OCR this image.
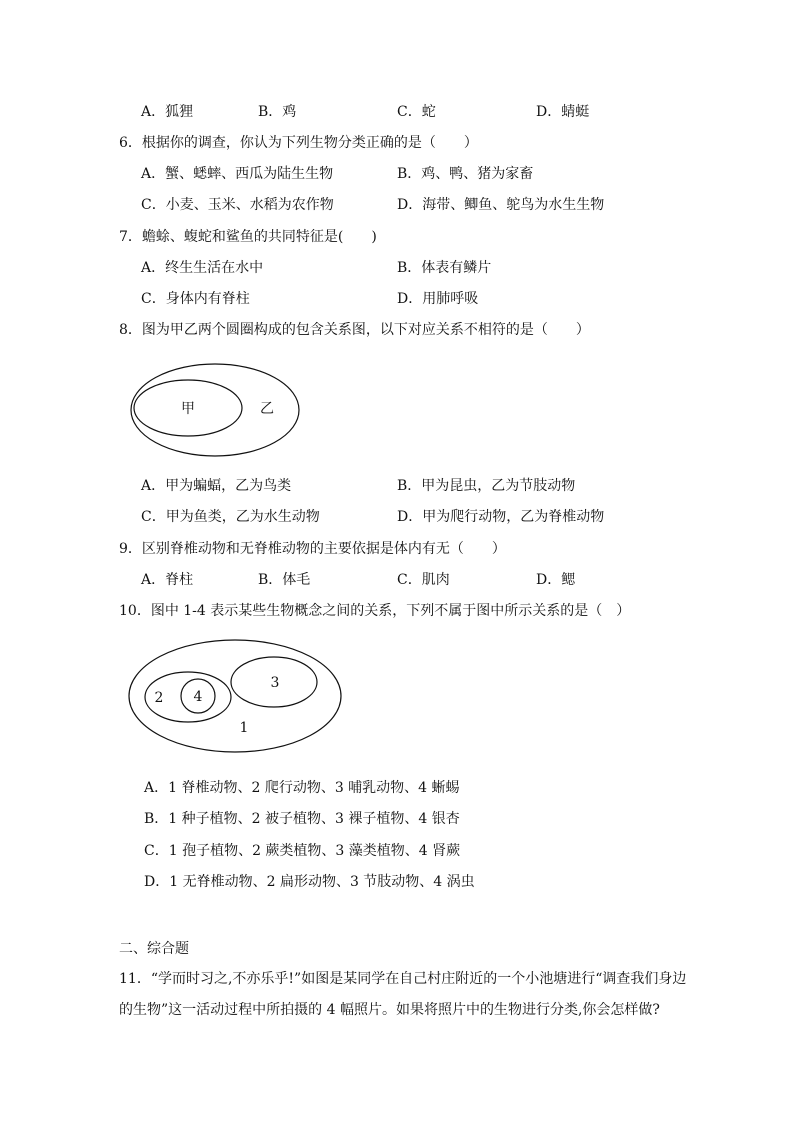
A．狐狸	B．鸡	C．蛇	D．蜻蜓
6．根据你的调查，你认为下列生物分类正确的是（　　）
A．蟹、蟋蟀、西瓜为陆生生物	B．鸡、鸭、猪为家畜
C．小麦、玉米、水稻为农作物	D．海带、鲫鱼、鸵鸟为水生生物
7．蟾蜍、蝮蛇和鲨鱼的共同特征是(　　)
A．终生生活在水中	B．体表有鳞片
C．身体内有脊柱	D．用肺呼吸
8．图为甲乙两个圆圈构成的包含关系图，以下对应关系不相符的是（　　）
甲	乙
A．甲为蝙蝠，乙为鸟类	B．甲为昆虫，乙为节肢动物
C．甲为鱼类，乙为水生动物	D．甲为爬行动物，乙为脊椎动物
9．区别脊椎动物和无脊椎动物的主要依据是体内有无（　　）
A．脊柱	B．体毛	C．肌肉	D．鳃
10．图中 1-4 表示某些生物概念之间的关系，下列不属于图中所示关系的是（　）
2 4
3
1
A．1 脊椎动物、2 爬行动物、3 哺乳动物、4 蜥蜴
B．1 种子植物、2 被子植物、3 裸子植物、4 银杏
C．1 孢子植物、2 蕨类植物、3 藻类植物、4 肾蕨
D．1 无脊椎动物、2 扁形动物、3 节肢动物、4 涡虫
二、综合题
11．“学而时习之,不亦乐乎!”如图是某同学在自己村庄附近的一个小池塘进行“调查我们身边
的生物”这一活动过程中所拍摄的 4 幅照片。如果将照片中的生物进行分类,你会怎样做?
